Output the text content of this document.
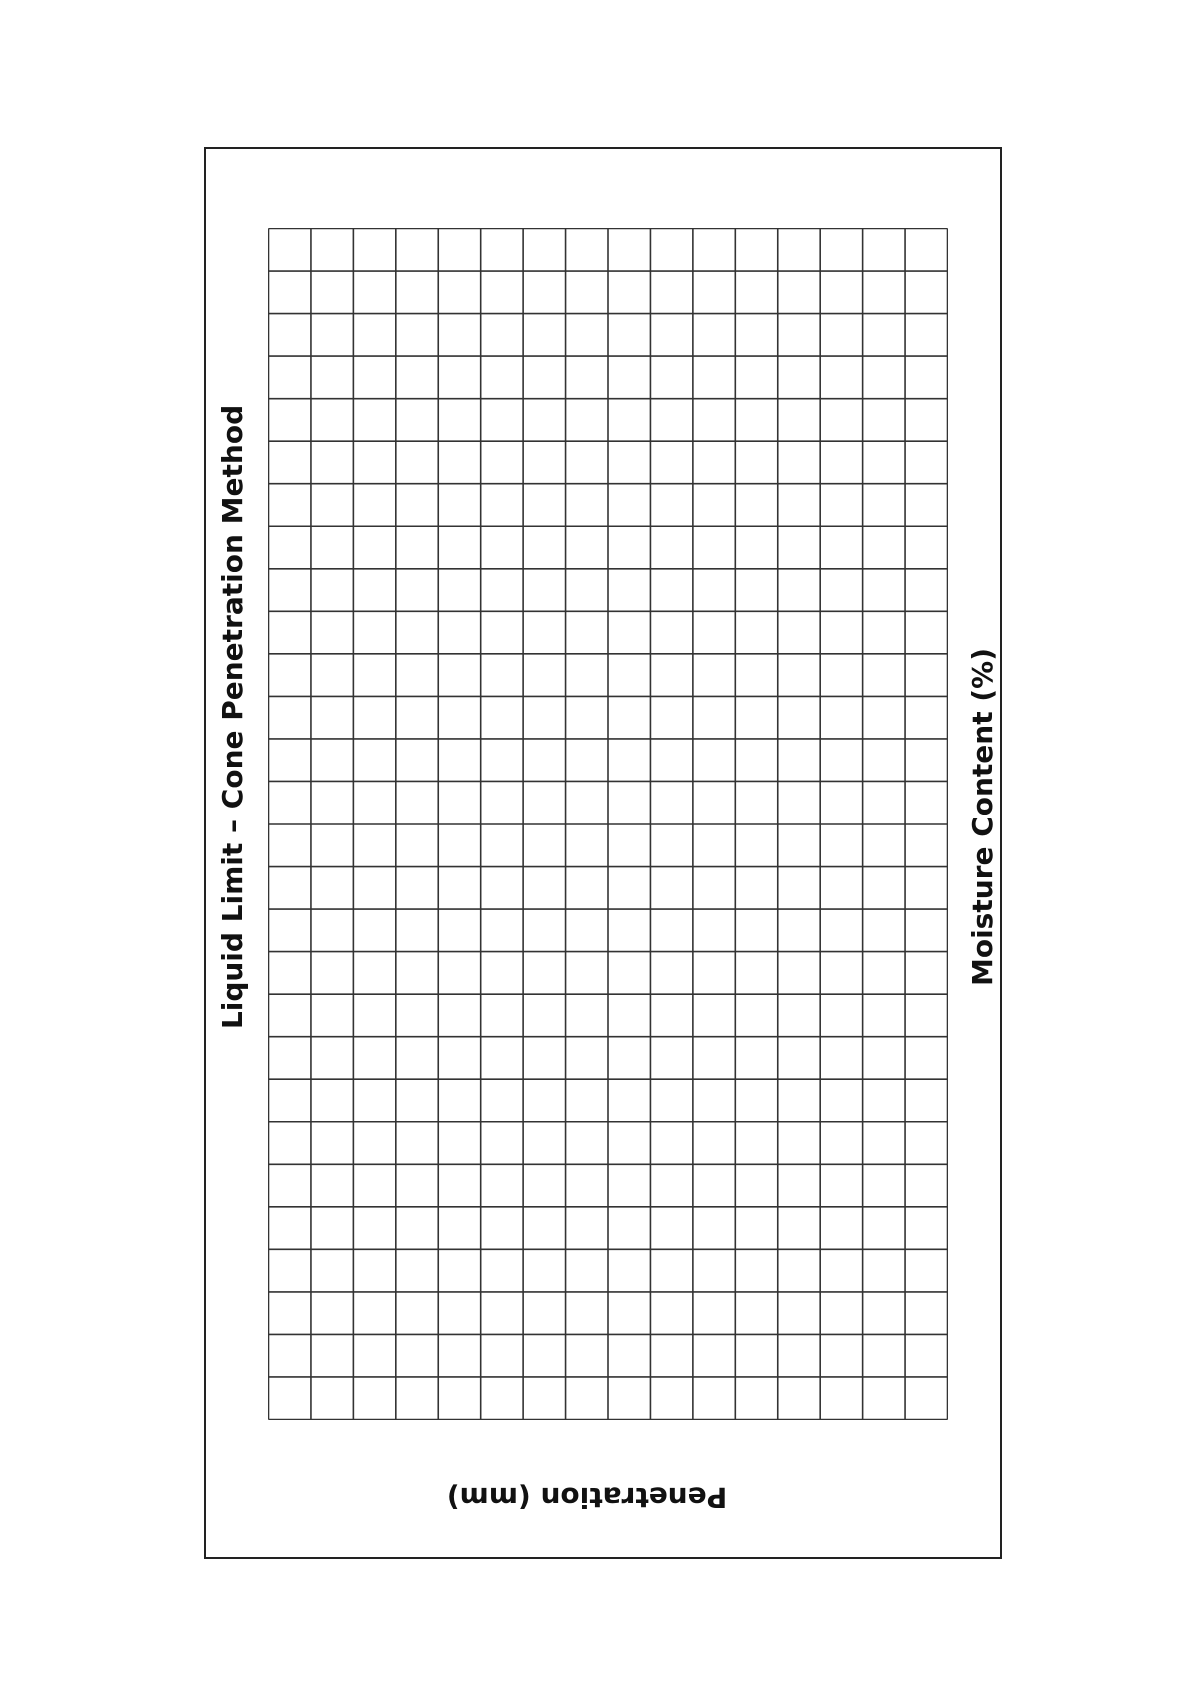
Liquid Limit – Cone Penetration Method	Moisture Content (%)
Penetration (mm)
